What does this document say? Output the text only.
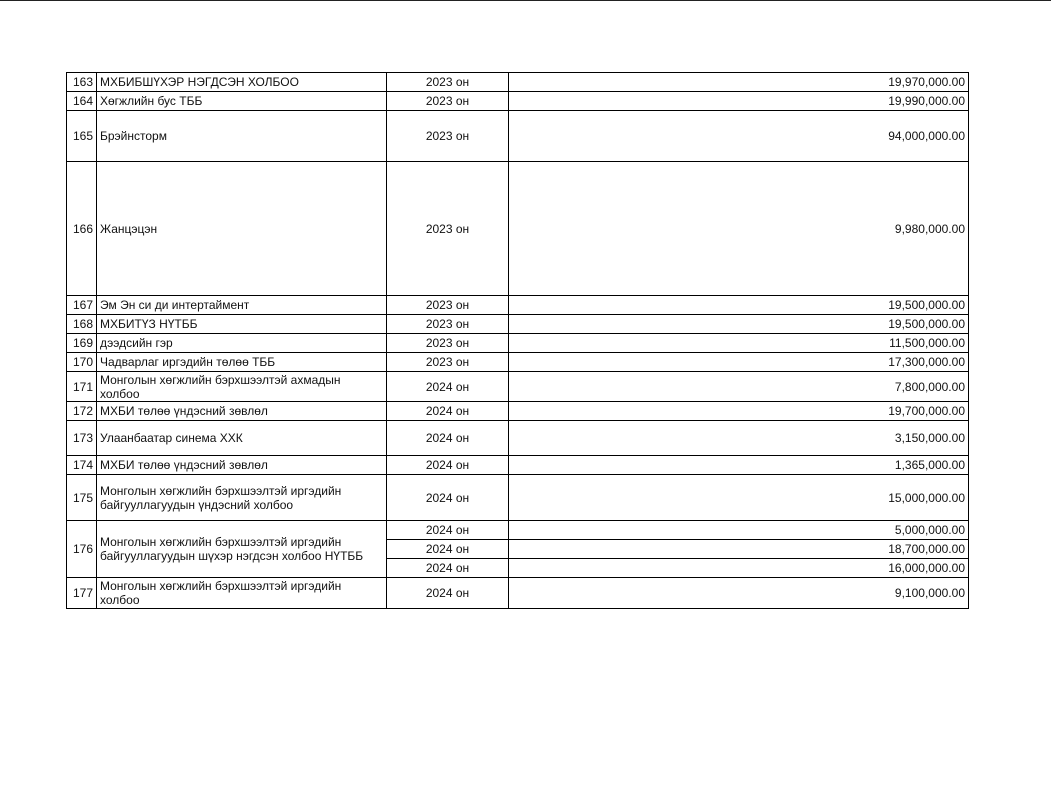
163	МХБИБШҮХЭР НЭГДСЭН ХОЛБОО	2023 он	19,970,000.00
164	Хөгжлийн бус ТББ	2023 он	19,990,000.00
165	Брэйнсторм	2023 он	94,000,000.00
166	Жанцэцэн	2023 он	9,980,000.00
167	Эм Эн си ди интертаймент	2023 он	19,500,000.00
168	МХБИТҮЗ НҮТББ	2023 он	19,500,000.00
169	дээдсийн гэр	2023 он	11,500,000.00
170	Чадварлаг иргэдийн төлөө ТББ	2023 он	17,300,000.00
171	Монголын хөгжлийн бэрхшээлтэй ахмадын холбоо	2024 он	7,800,000.00
172	МХБИ төлөө үндэсний зөвлөл	2024 он	19,700,000.00
173	Улаанбаатар синема ХХК	2024 он	3,150,000.00
174	МХБИ төлөө үндэсний зөвлөл	2024 он	1,365,000.00
175	Монголын хөгжлийн бэрхшээлтэй иргэдийн байгууллагуудын үндэсний холбоо	2024 он	15,000,000.00
176	Монголын хөгжлийн бэрхшээлтэй иргэдийн байгууллагуудын шүхэр нэгдсэн холбоо НҮТББ	2024 он	5,000,000.00
		2024 он	18,700,000.00
		2024 он	16,000,000.00
177	Монголын хөгжлийн бэрхшээлтэй иргэдийн холбоо	2024 он	9,100,000.00
